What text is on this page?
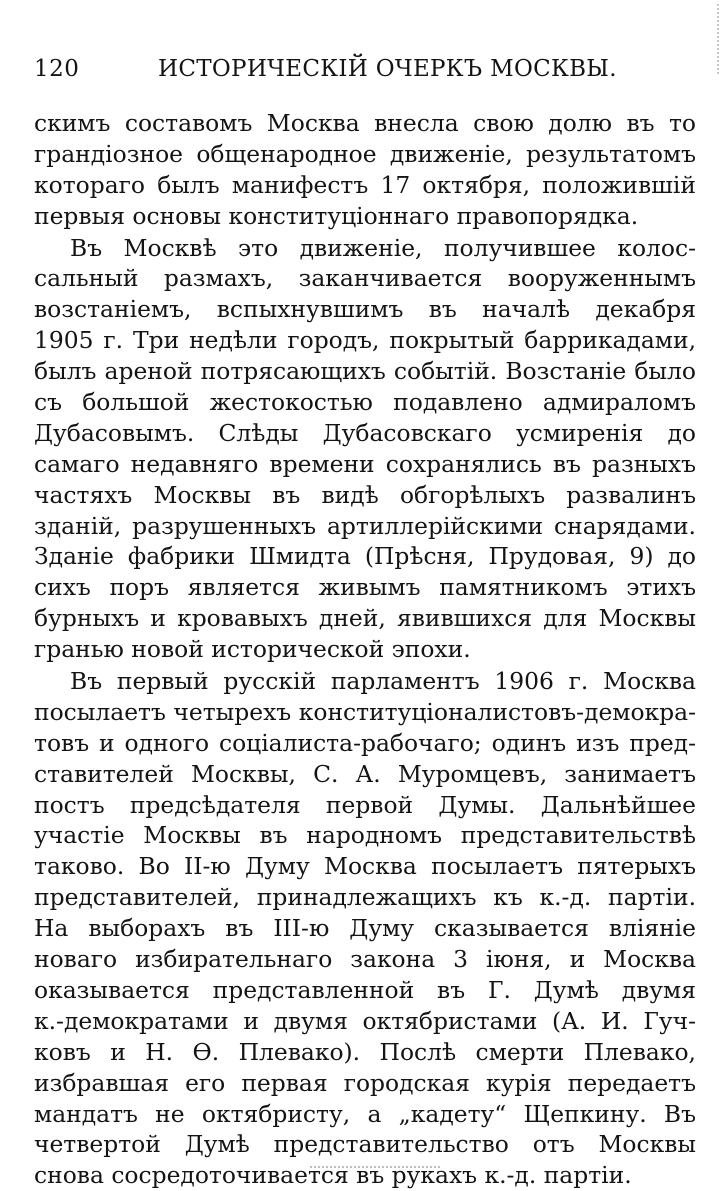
120	ИСТОРИЧЕСКІЙ ОЧЕРКЪ МОСКВЫ.
скимъ составомъ Москва внесла свою долю въ то
грандіозное общенародное движеніе, результатомъ
котораго былъ манифестъ 17 октября, положившій
первыя основы конституціоннаго правопорядка.
Въ Москвѣ это движеніе, получившее колос-
сальный размахъ, заканчивается вооруженнымъ
возстаніемъ, вспыхнувшимъ въ началѣ декабря
1905 г. Три недѣли городъ, покрытый баррикадами,
былъ ареной потрясающихъ событій. Возстаніе было
съ большой жестокостью подавлено адмираломъ
Дубасовымъ. Слѣды Дубасовскаго усмиренія до
самаго недавняго времени сохранялись въ разныхъ
частяхъ Москвы въ видѣ обгорѣлыхъ развалинъ
зданій, разрушенныхъ артиллерійскими снарядами.
Зданіе фабрики Шмидта (Прѣсня, Прудовая, 9) до
сихъ поръ является живымъ памятникомъ этихъ
бурныхъ и кровавыхъ дней, явившихся для Москвы
гранью новой исторической эпохи.
Въ первый русскій парламентъ 1906 г. Москва
посылаетъ четырехъ конституціоналистовъ-демокра-
товъ и одного соціалиста-рабочаго; одинъ изъ пред-
ставителей Москвы, С. А. Муромцевъ, занимаетъ
постъ предсѣдателя первой Думы. Дальнѣйшее
участіе Москвы въ народномъ представительствѣ
таково. Во II-ю Думу Москва посылаетъ пятерыхъ
представителей, принадлежащихъ къ к.-д. партіи.
На выборахъ въ III-ю Думу сказывается вліяніе
новаго избирательнаго закона 3 іюня, и Москва
оказывается представленной въ Г. Думѣ двумя
к.-демократами и двумя октябристами (А. И. Гуч-
ковъ и Н. Ѳ. Плевако). Послѣ смерти Плевако,
избравшая его первая городская курія передаетъ
мандатъ не октябристу, а „кадету“ Щепкину. Въ
четвертой Думѣ представительство отъ Москвы
снова сосредоточивается въ рукахъ к.-д. партіи.
